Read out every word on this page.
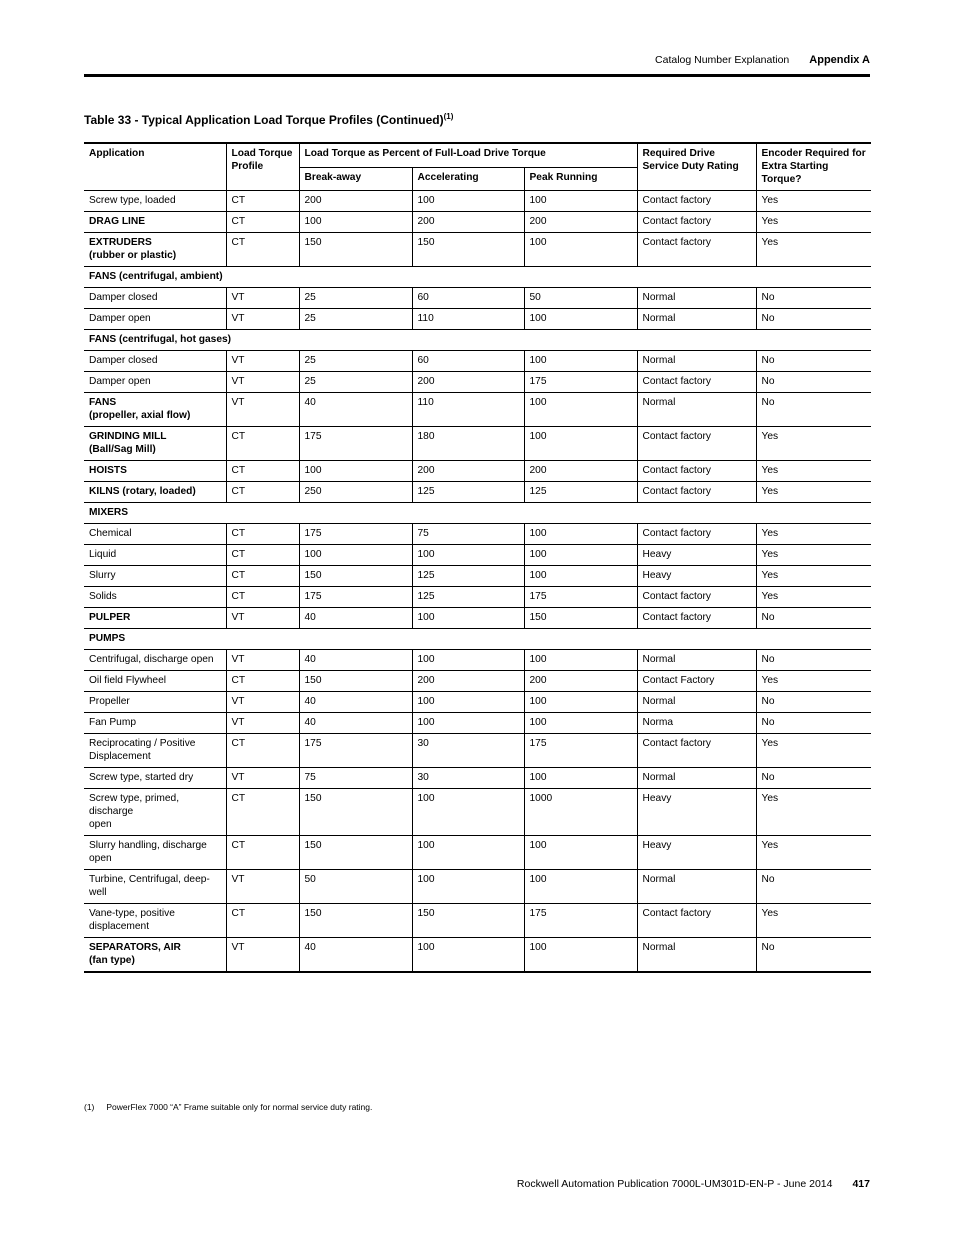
Catalog Number Explanation Appendix A
Table 33 - Typical Application Load Torque Profiles (Continued)$^{(1)}$
Application	Load Torque Profile	Load Torque as Percent of Full-Load Drive Torque			Required Drive Service Duty Rating	Encoder Required for Extra Starting Torque?
		Break-away	Accelerating	Peak Running		
Screw type, loaded	CT	200	100	100	Contact factory	Yes
DRAG LINE	CT	100	200	200	Contact factory	Yes
EXTRUDERS
(rubber or plastic)	CT	150	150	100	Contact factory	Yes
FANS (centrifugal, ambient)						
Damper closed	VT	25	60	50	Normal	No
Damper open	VT	25	110	100	Normal	No
FANS (centrifugal, hot gases)						
Damper closed	VT	25	60	100	Normal	No
Damper open	VT	25	200	175	Contact factory	No
FANS
(propeller, axial flow)	VT	40	110	100	Normal	No
GRINDING MILL
(Ball/Sag Mill)	CT	175	180	100	Contact factory	Yes
HOISTS	CT	100	200	200	Contact factory	Yes
KILNS (rotary, loaded)	CT	250	125	125	Contact factory	Yes
MIXERS						
Chemical	CT	175	75	100	Contact factory	Yes
Liquid	CT	100	100	100	Heavy	Yes
Slurry	CT	150	125	100	Heavy	Yes
Solids	CT	175	125	175	Contact factory	Yes
PULPER	VT	40	100	150	Contact factory	No
PUMPS						
Centrifugal, discharge open	VT	40	100	100	Normal	No
Oil field Flywheel	CT	150	200	200	Contact Factory	Yes
Propeller	VT	40	100	100	Normal	No
Fan Pump	VT	40	100	100	Norma	No
Reciprocating / Positive
Displacement	CT	175	30	175	Contact factory	Yes
Screw type, started dry	VT	75	30	100	Normal	No
Screw type, primed, discharge
open	CT	150	100	1000	Heavy	Yes
Slurry handling, discharge
open	CT	150	100	100	Heavy	Yes
Turbine, Centrifugal, deep-
well	VT	50	100	100	Normal	No
Vane-type, positive
displacement	CT	150	150	175	Contact factory	Yes
SEPARATORS, AIR
(fan type)	VT	40	100	100	Normal	No
(1) PowerFlex 7000 “A” Frame suitable only for normal service duty rating.
Rockwell Automation Publication 7000L-UM301D-EN-P - June 2014 417
